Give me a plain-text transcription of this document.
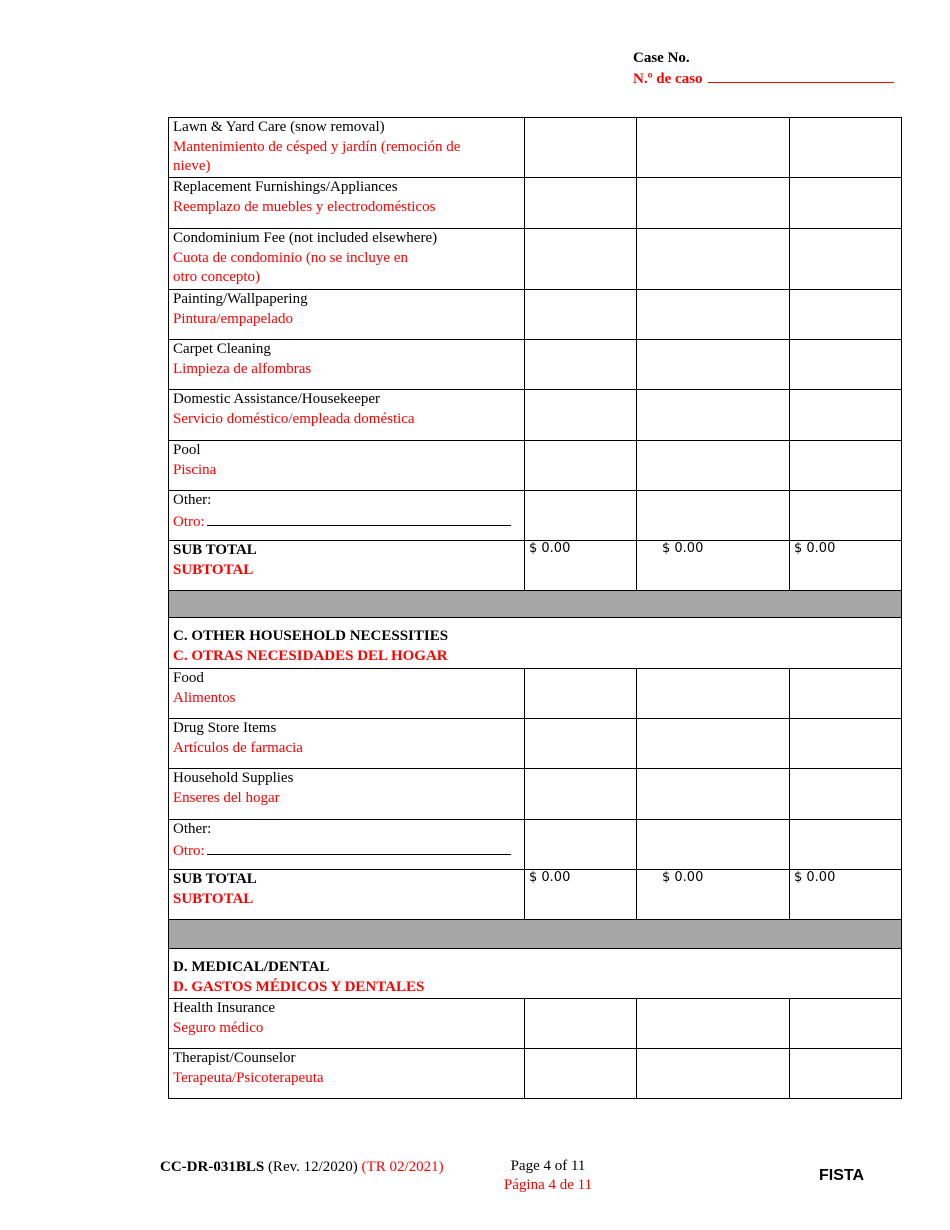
Case No.
N.º de caso
Lawn & Yard Care (snow removal)
Mantenimiento de césped y jardín (remoción de nieve)			

Replacement Furnishings/Appliances
Reemplazo de muebles y electrodomésticos			

Condominium Fee (not included elsewhere)
Cuota de condominio (no se incluye en otro concepto)			

Painting/Wallpapering
Pintura/empapelado			

Carpet Cleaning
Limpieza de alfombras			

Domestic Assistance/Housekeeper
Servicio doméstico/empleada doméstica			

Pool
Piscina			

Other:
Otro:			

SUB TOTAL
SUBTOTAL	$ 0.00	$ 0.00	$ 0.00

C. OTHER HOUSEHOLD NECESSITIES
C. OTRAS NECESIDADES DEL HOGAR			

Food
Alimentos			

Drug Store Items
Artículos de farmacia			

Household Supplies
Enseres del hogar			

Other:
Otro:			

SUB TOTAL
SUBTOTAL	$ 0.00	$ 0.00	$ 0.00

D. MEDICAL/DENTAL
D. GASTOS MÉDICOS Y DENTALES			

Health Insurance
Seguro médico			

Therapist/Counselor
Terapeuta/Psicoterapeuta			

CC-DR-031BLS (Rev. 12/2020) (TR 02/2021)	Page 4 of 11
Página 4 de 11
FISTA
